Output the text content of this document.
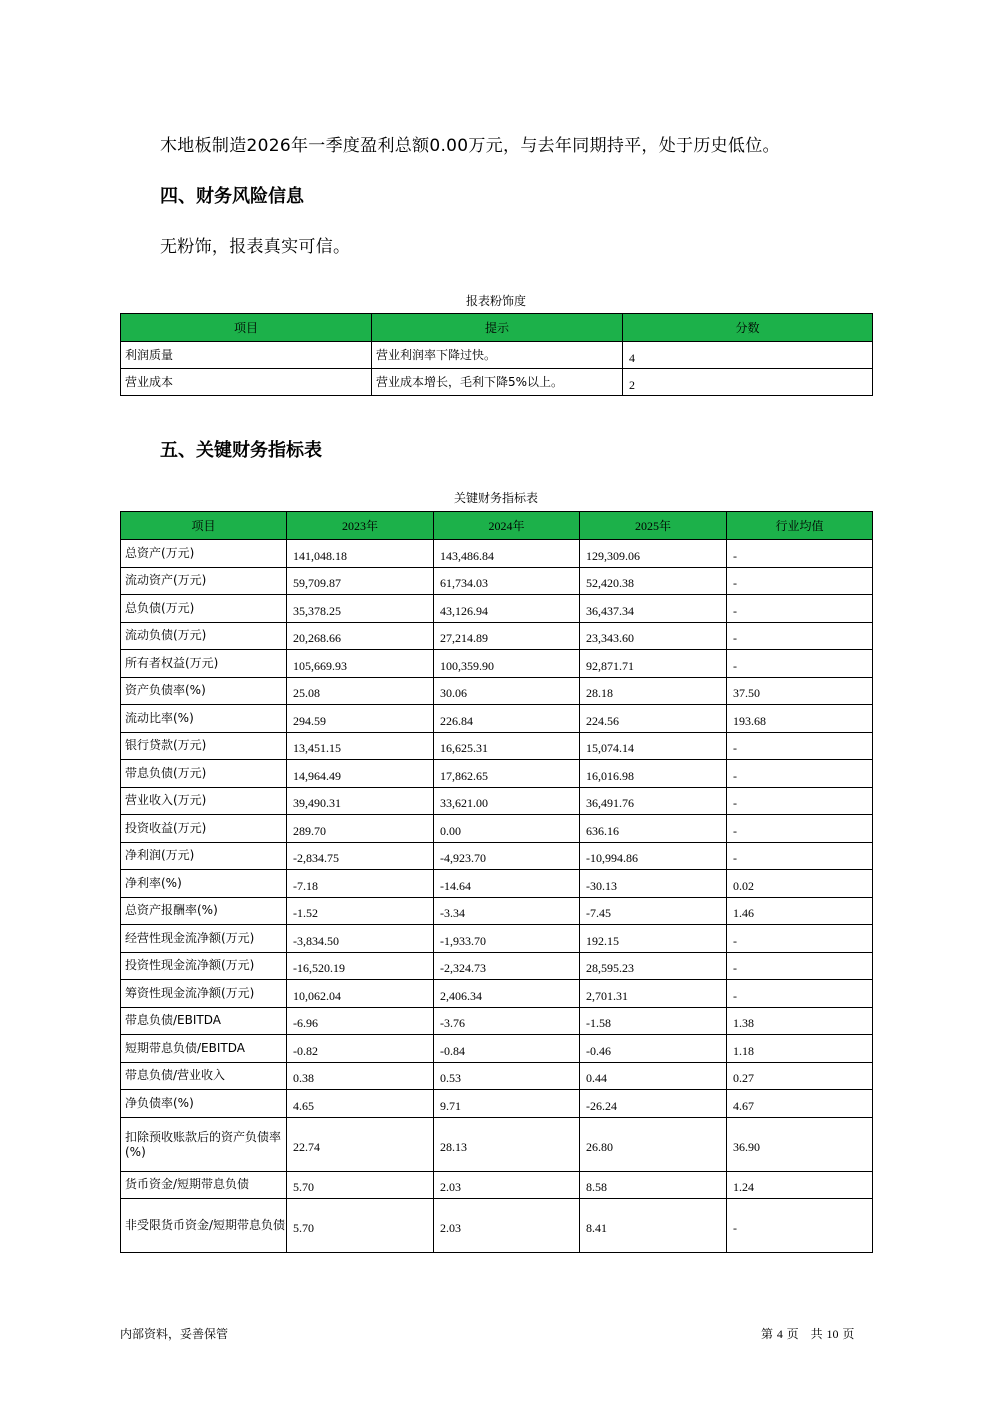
木地板制造2026年一季度盈利总额0.00万元，与去年同期持平，处于历史低位。
四、财务风险信息
无粉饰，报表真实可信。
报表粉饰度
项目	提示	分数
利润质量	营业利润率下降过快。	4
营业成本	营业成本增长，毛利下降5%以上。	2
五、关键财务指标表
关键财务指标表
项目	2023年	2024年	2025年	行业均值
总资产(万元)	141,048.18	143,486.84	129,309.06	-
流动资产(万元)	59,709.87	61,734.03	52,420.38	-
总负债(万元)	35,378.25	43,126.94	36,437.34	-
流动负债(万元)	20,268.66	27,214.89	23,343.60	-
所有者权益(万元)	105,669.93	100,359.90	92,871.71	-
资产负债率(%)	25.08	30.06	28.18	37.50
流动比率(%)	294.59	226.84	224.56	193.68
银行贷款(万元)	13,451.15	16,625.31	15,074.14	-
带息负债(万元)	14,964.49	17,862.65	16,016.98	-
营业收入(万元)	39,490.31	33,621.00	36,491.76	-
投资收益(万元)	289.70	0.00	636.16	-
净利润(万元)	-2,834.75	-4,923.70	-10,994.86	-
净利率(%)	-7.18	-14.64	-30.13	0.02
总资产报酬率(%)	-1.52	-3.34	-7.45	1.46
经营性现金流净额(万元)	-3,834.50	-1,933.70	192.15	-
投资性现金流净额(万元)	-16,520.19	-2,324.73	28,595.23	-
筹资性现金流净额(万元)	10,062.04	2,406.34	2,701.31	-
带息负债/EBITDA	-6.96	-3.76	-1.58	1.38
短期带息负债/EBITDA	-0.82	-0.84	-0.46	1.18
带息负债/营业收入	0.38	0.53	0.44	0.27
净负债率(%)	4.65	9.71	-26.24	4.67
扣除预收账款后的资产负债率(%)	22.74	28.13	26.80	36.90
货币资金/短期带息负债	5.70	2.03	8.58	1.24
非受限货币资金/短期带息负债	5.70	2.03	8.41	-
内部资料，妥善保管	第 4 页　共 10 页
